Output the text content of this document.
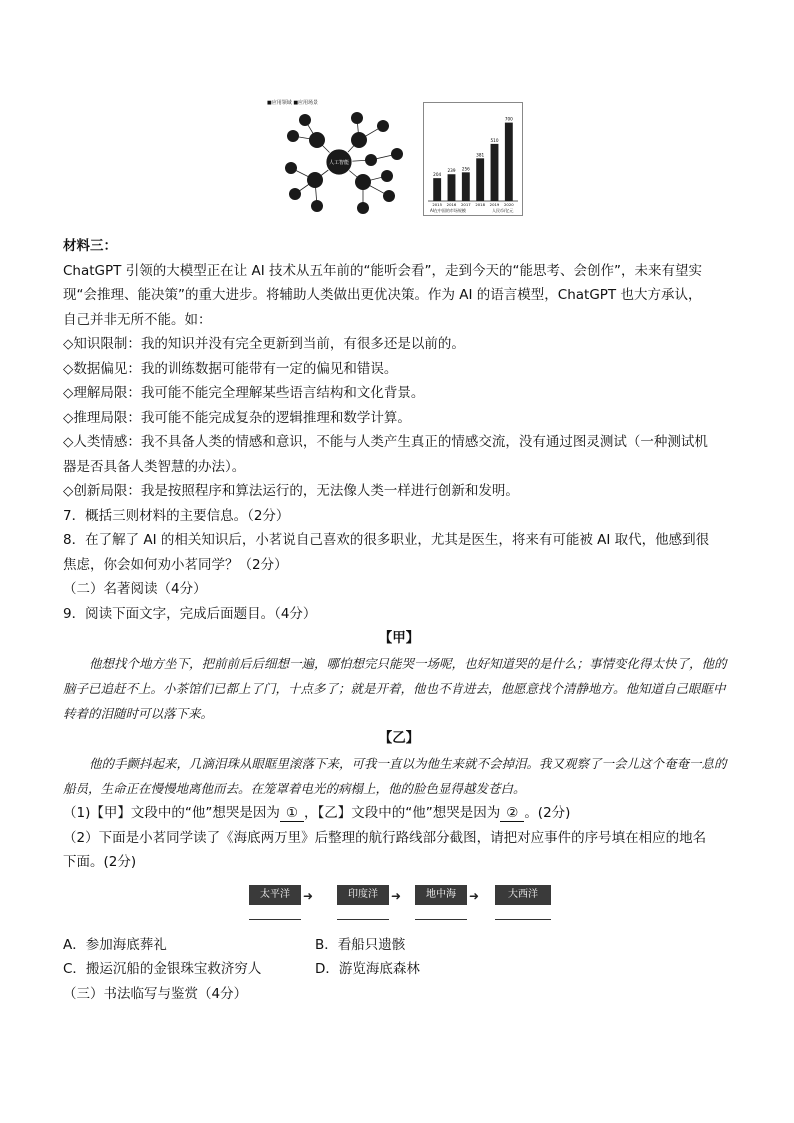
■应用领域 ■应用场景
人工智能
204
2015
239
2016
256
2017
381
2018
510
2019
700
2020
AI在中国的市场规模	人民币/亿元
材料三：
ChatGPT 引领的大模型正在让 AI 技术从五年前的“能听会看”，走到今天的“能思考、会创作”，未来有望实
现“会推理、能决策”的重大进步。将辅助人类做出更优决策。作为 AI 的语言模型，ChatGPT 也大方承认，
自己并非无所不能。如：
◇知识限制：我的知识并没有完全更新到当前，有很多还是以前的。
◇数据偏见：我的训练数据可能带有一定的偏见和错误。
◇理解局限：我可能不能完全理解某些语言结构和文化背景。
◇推理局限：我可能不能完成复杂的逻辑推理和数学计算。
◇人类情感：我不具备人类的情感和意识，不能与人类产生真正的情感交流，没有通过图灵测试（一种测试机
器是否具备人类智慧的办法）。
◇创新局限：我是按照程序和算法运行的，无法像人类一样进行创新和发明。
7．概括三则材料的主要信息。（2分）
8．在了解了 AI 的相关知识后，小茗说自己喜欢的很多职业，尤其是医生，将来有可能被 AI 取代，他感到很
焦虑，你会如何劝小茗同学？（2分）
（二）名著阅读（4分）
9．阅读下面文字，完成后面题目。（4分）
【甲】
他想找个地方坐下，把前前后后细想一遍，哪怕想完只能哭一场呢，也好知道哭的是什么；事情变化得太快了，他的脑子已追赶不上。小茶馆们已都上了门，十点多了；就是开着，他也不肯进去，他愿意找个清静地方。他知道自己眼眶中转着的泪随时可以落下来。
【乙】
他的手颤抖起来，几滴泪珠从眼眶里滚落下来，可我一直以为他生来就不会掉泪。我又观察了一会儿这个奄奄一息的船员，生命正在慢慢地离他而去。在笼罩着电光的病榻上，他的脸色显得越发苍白。
（1)【甲】文段中的“他”想哭是因为 ① ，【乙】文段中的“他”想哭是因为 ② 。(2分)
（2）下面是小茗同学读了《海底两万里》后整理的航行路线部分截图，请把对应事件的序号填在相应的地名
下面。(2分)
太平洋	➜	印度洋	➜	地中海	➜	大西洋
A．参加海底葬礼	B．看船只遗骸
C．搬运沉船的金银珠宝救济穷人	D．游览海底森林
（三）书法临写与鉴赏（4分）
